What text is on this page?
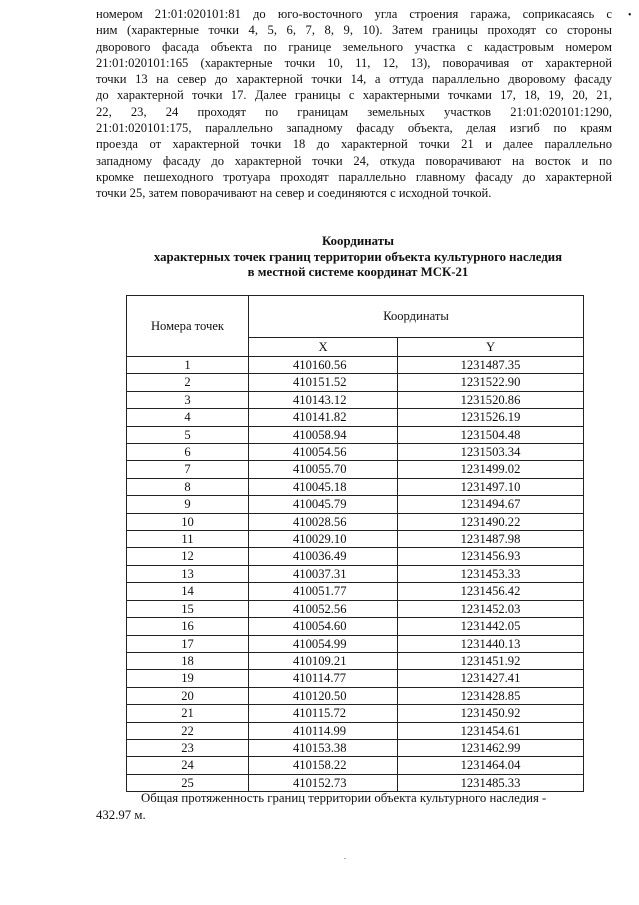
•
номером 21:01:020101:81 до юго-восточного угла строения гаража, соприкасаясь с
ним (характерные точки 4, 5, 6, 7, 8, 9, 10). Затем границы проходят со стороны
дворового фасада объекта по границе земельного участка с кадастровым номером
21:01:020101:165 (характерные точки 10, 11, 12, 13), поворачивая от характерной
точки 13 на север до характерной точки 14, а оттуда параллельно дворовому фасаду
до характерной точки 17. Далее границы с характерными точками 17, 18, 19, 20, 21,
22, 23, 24 проходят по границам земельных участков 21:01:020101:1290,
21:01:020101:175, параллельно западному фасаду объекта, делая изгиб по краям
проезда от характерной точки 18 до характерной точки 21 и далее параллельно
западному фасаду до характерной точки 24, откуда поворачивают на восток и по
кромке пешеходного тротуара проходят параллельно главному фасаду до характерной
точки 25, затем поворачивают на север и соединяются с исходной точкой.
Координаты
характерных точек границ территории объекта культурного наследия
в местной системе координат МСК-21
Номера точек	Координаты	
	X	Y
1	410160.56	1231487.35
2	410151.52	1231522.90
3	410143.12	1231520.86
4	410141.82	1231526.19
5	410058.94	1231504.48
6	410054.56	1231503.34
7	410055.70	1231499.02
8	410045.18	1231497.10
9	410045.79	1231494.67
10	410028.56	1231490.22
11	410029.10	1231487.98
12	410036.49	1231456.93
13	410037.31	1231453.33
14	410051.77	1231456.42
15	410052.56	1231452.03
16	410054.60	1231442.05
17	410054.99	1231440.13
18	410109.21	1231451.92
19	410114.77	1231427.41
20	410120.50	1231428.85
21	410115.72	1231450.92
22	410114.99	1231454.61
23	410153.38	1231462.99
24	410158.22	1231464.04
25	410152.73	1231485.33
Общая протяженность границ территории объекта культурного наследия -
432.97 м.
.
